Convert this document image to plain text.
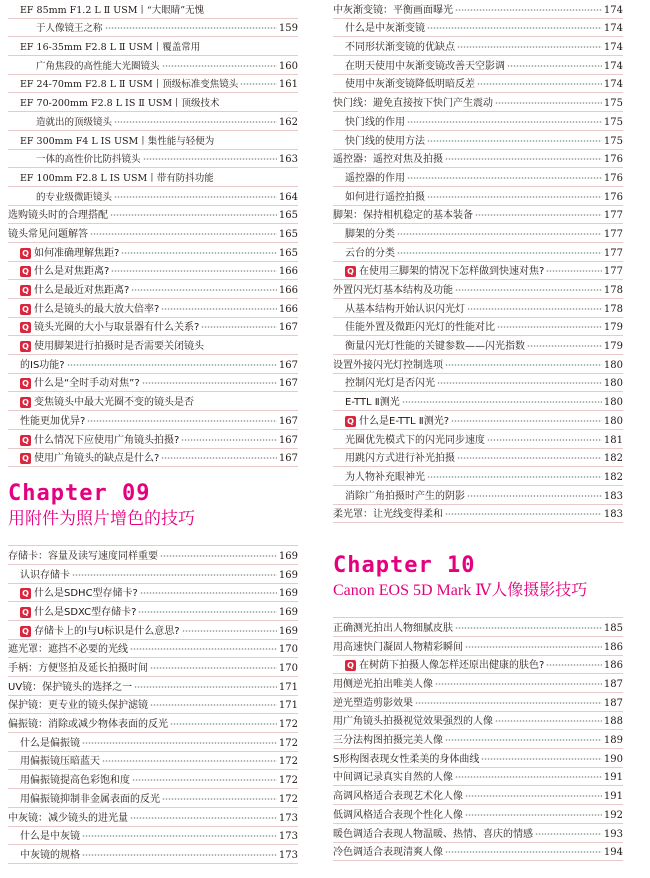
EF 85mm F1.2 L Ⅱ USM丨“大眼睛”无愧
于人像镜王之称	159
EF 16-35mm F2.8 L Ⅱ USM丨覆盖常用
广角焦段的高性能大光圈镜头	160
EF 24-70mm F2.8 L Ⅱ USM丨顶级标准变焦镜头	161
EF 70-200mm F2.8 L IS Ⅱ USM丨顶级技术
造就出的顶级镜头	162
EF 300mm F4 L IS USM丨集性能与轻便为
一体的高性价比防抖镜头	163
EF 100mm F2.8 L IS USM丨带有防抖功能
的专业级微距镜头	164
选购镜头时的合理搭配	165
镜头常见问题解答	165
Q 如何准确理解焦距?	165
Q 什么是对焦距离?	166
Q 什么是最近对焦距离?	166
Q 什么是镜头的最大放大倍率?	166
Q 镜头光圈的大小与取景器有什么关系?	167
Q 使用脚架进行拍摄时是否需要关闭镜头
的IS功能?	167
Q 什么是“全时手动对焦”?	167
Q 变焦镜头中最大光圈不变的镜头是否
性能更加优异?	167
Q 什么情况下应使用广角镜头拍摄?	167
Q 使用广角镜头的缺点是什么?	167
Chapter 09
用附件为照片增色的技巧
存储卡：容量及读写速度同样重要	169
认识存储卡	169
Q 什么是SDHC型存储卡?	169
Q 什么是SDXC型存储卡?	169
Q 存储卡上的I与U标识是什么意思?	169
遮光罩：遮挡不必要的光线	170
手柄：方便竖拍及延长拍摄时间	170
UV镜：保护镜头的选择之一	171
保护镜：更专业的镜头保护滤镜	171
偏振镜：消除或减少物体表面的反光	172
什么是偏振镜	172
用偏振镜压暗蓝天	172
用偏振镜提高色彩饱和度	172
用偏振镜抑制非金属表面的反光	172
中灰镜：减少镜头的进光量	173
什么是中灰镜	173
中灰镜的规格	173
中灰渐变镜：平衡画面曝光	174
什么是中灰渐变镜	174
不同形状渐变镜的优缺点	174
在明天使用中灰渐变镜改善天空影调	174
使用中灰渐变镜降低明暗反差	174
快门线：避免直接按下快门产生震动	175
快门线的作用	175
快门线的使用方法	175
遥控器：遥控对焦及拍摄	176
遥控器的作用	176
如何进行遥控拍摄	176
脚架：保持相机稳定的基本装备	177
脚架的分类	177
云台的分类	177
Q 在使用三脚架的情况下怎样做到快速对焦?	177
外置闪光灯基本结构及功能	178
从基本结构开始认识闪光灯	178
佳能外置及微距闪光灯的性能对比	179
衡量闪光灯性能的关键参数——闪光指数	179
设置外接闪光灯控制选项	180
控制闪光灯是否闪光	180
E-TTL Ⅱ测光	180
Q 什么是E-TTL Ⅱ测光?	180
光圈优先模式下的闪光同步速度	181
用跳闪方式进行补光拍摄	182
为人物补充眼神光	182
消除广角拍摄时产生的阴影	183
柔光罩：让光线变得柔和	183
Chapter 10
Canon EOS 5D Mark Ⅳ人像摄影技巧
正确测光拍出人物细腻皮肤	185
用高速快门凝固人物精彩瞬间	186
Q 在树荫下拍摄人像怎样还原出健康的肤色?	186
用侧逆光拍出唯美人像	187
逆光塑造剪影效果	187
用广角镜头拍摄视觉效果强烈的人像	188
三分法构图拍摄完美人像	189
S形构图表现女性柔美的身体曲线	190
中间调记录真实自然的人像	191
高调风格适合表现艺术化人像	191
低调风格适合表现个性化人像	192
暖色调适合表现人物温暖、热情、喜庆的情感	193
冷色调适合表现清爽人像	194
